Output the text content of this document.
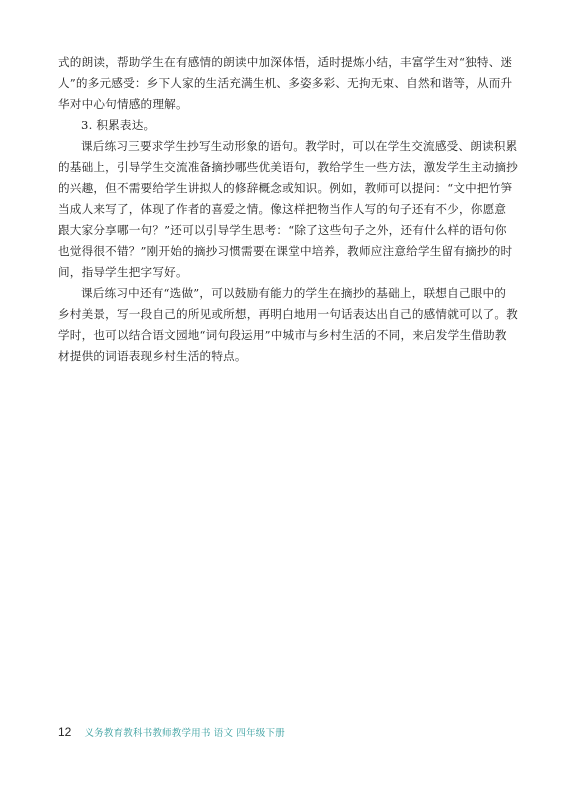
式的朗读，帮助学生在有感情的朗读中加深体悟，适时提炼小结，丰富学生对“独特、迷
人”的多元感受：乡下人家的生活充满生机、多姿多彩、无拘无束、自然和谐等，从而升
华对中心句情感的理解。
3. 积累表达。
课后练习三要求学生抄写生动形象的语句。教学时，可以在学生交流感受、朗读积累
的基础上，引导学生交流准备摘抄哪些优美语句，教给学生一些方法，激发学生主动摘抄
的兴趣，但不需要给学生讲拟人的修辞概念或知识。例如，教师可以提问：“文中把竹笋
当成人来写了，体现了作者的喜爱之情。像这样把物当作人写的句子还有不少，你愿意
跟大家分享哪一句？”还可以引导学生思考：“除了这些句子之外，还有什么样的语句你
也觉得很不错？”刚开始的摘抄习惯需要在课堂中培养，教师应注意给学生留有摘抄的时
间，指导学生把字写好。
课后练习中还有“选做”，可以鼓励有能力的学生在摘抄的基础上，联想自己眼中的
乡村美景，写一段自己的所见或所想，再明白地用一句话表达出自己的感情就可以了。教
学时，也可以结合语文园地“词句段运用”中城市与乡村生活的不同，来启发学生借助教
材提供的词语表现乡村生活的特点。
12 义务教育教科书教师教学用书 语文 四年级下册
